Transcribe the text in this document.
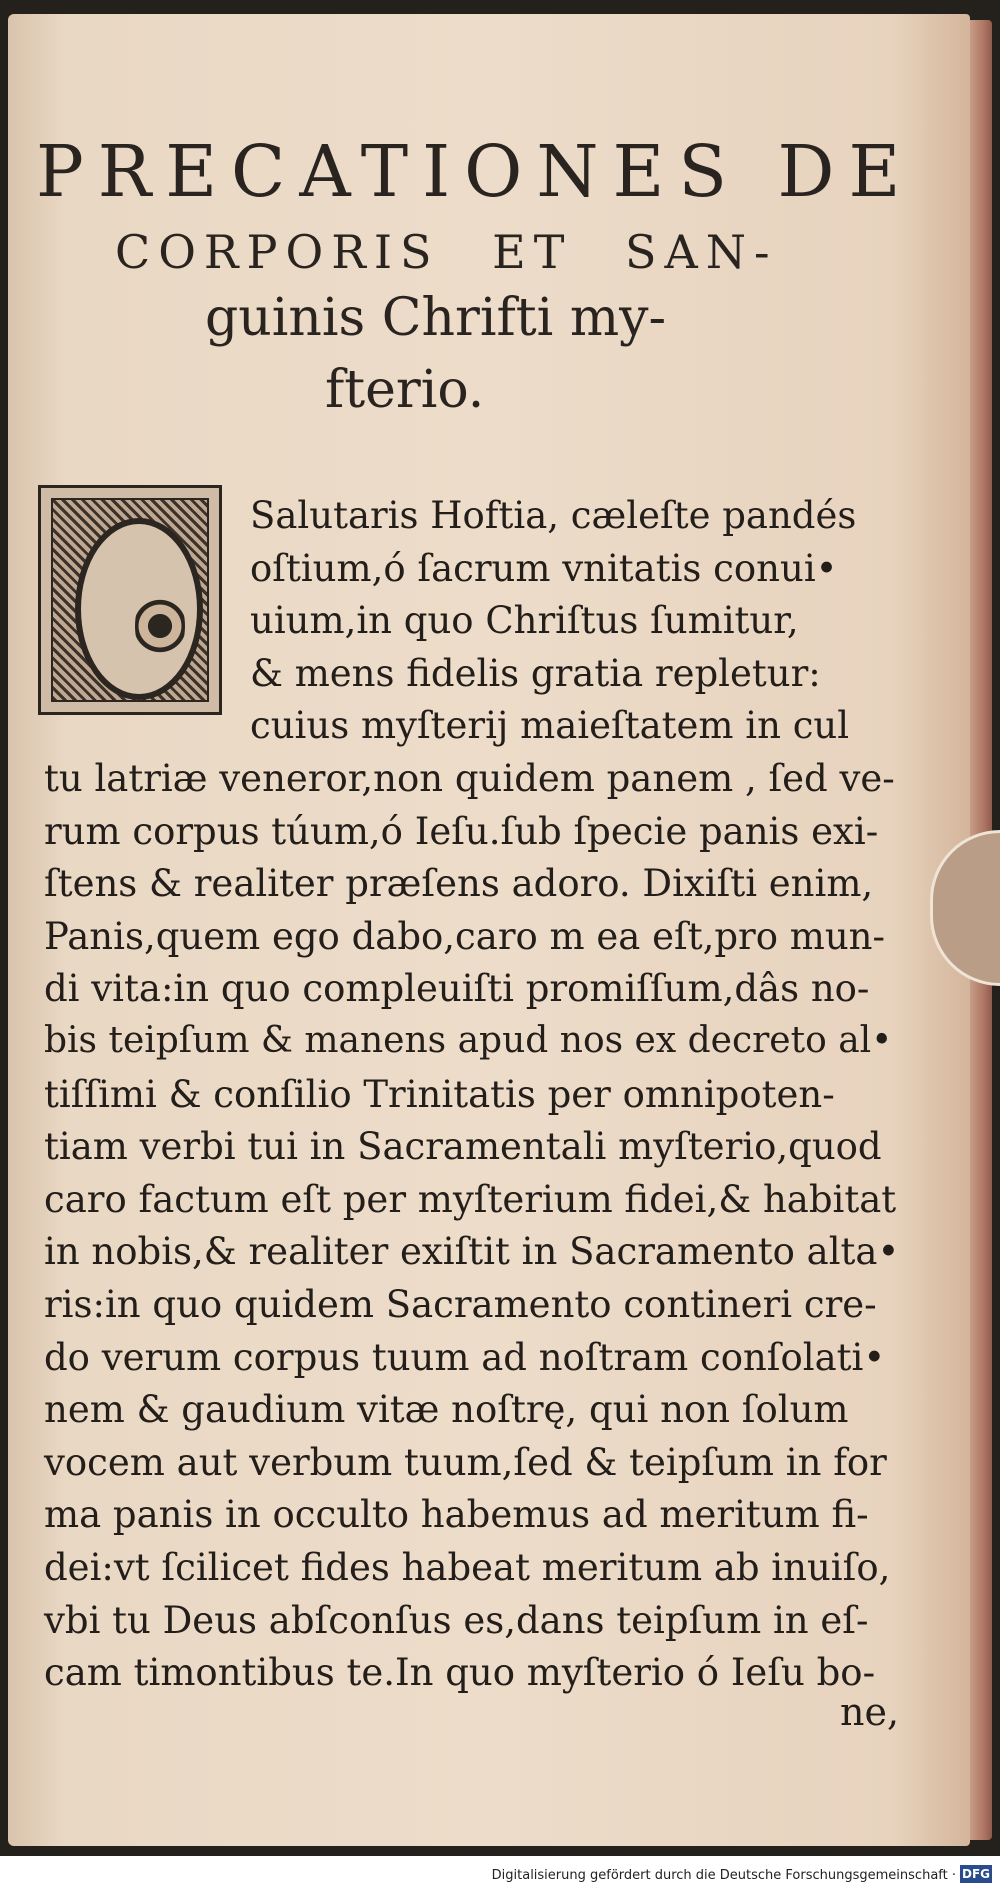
PRECATIONES DE
CORPORIS ET SAN-
guinis Chrifti my-
fterio.
Salutaris Hoftia, cæleſte pandés
oſtium,ó ſacrum vnitatis conui•
uium,in quo Chriſtus ſumitur,
& mens fidelis gratia repletur:
cuius myſterij maieſtatem in cul
tu latriæ veneror,non quidem panem , ſed ve-
rum corpus túum,ó Ieſu.ſub ſpecie panis exi-
ſtens & realiter præſens adoro. Dixiſti enim,
Panis,quem ego dabo,caro m ea eſt,pro mun-
di vita:in quo compleuiſti promiſſum,dâs no-
bis teipſum & manens apud nos ex decreto al•
tiſſimi & conſilio Trinitatis per omnipoten-
tiam verbi tui in Sacramentali myſterio,quod
caro factum eſt per myſterium fidei,& habitat
in nobis,& realiter exiſtit in Sacramento alta•
ris:in quo quidem Sacramento contineri cre-
do verum corpus tuum ad noſtram conſolati•
nem & gaudium vitæ noſtrę, qui non ſolum
vocem aut verbum tuum,ſed & teipſum in for
ma panis in occulto habemus ad meritum fi-
dei:vt ſcilicet fides habeat meritum ab inuiſo,
vbi tu Deus abſconſus es,dans teipſum in eſ-
cam timontibus te.In quo myſterio ó Ieſu bo-
ne,
Digitalisierung gefördert durch die Deutsche Forschungsgemeinschaft · DFG
